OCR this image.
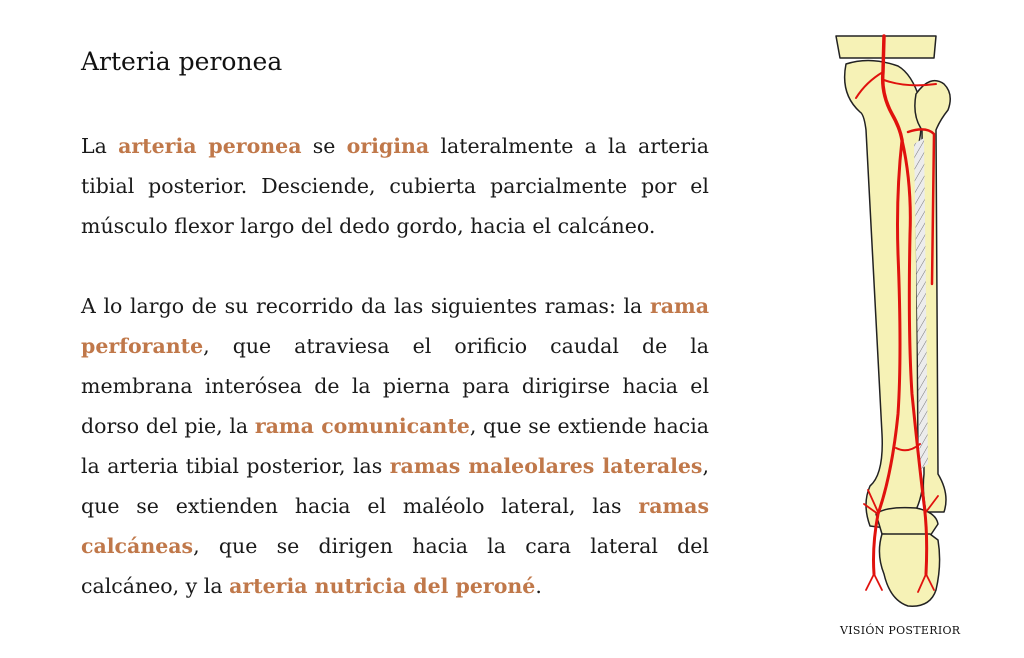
Arteria peronea

La arteria peronea se origina lateralmente a la arteria tibial posterior. Desciende, cubierta parcialmente por el músculo flexor largo del dedo gordo, hacia el calcáneo.

A lo largo de su recorrido da las siguientes ramas: la rama perforante, que atraviesa el orificio caudal de la membrana interósea de la pierna para dirigirse hacia el dorso del pie, la rama comunicante, que se extiende hacia la arteria tibial posterior, las ramas maleolares laterales, que se extienden hacia el maléolo lateral, las ramas calcáneas, que se dirigen hacia la cara lateral del calcáneo, y la arteria nutricia del peroné.

VISIÓN POSTERIOR
